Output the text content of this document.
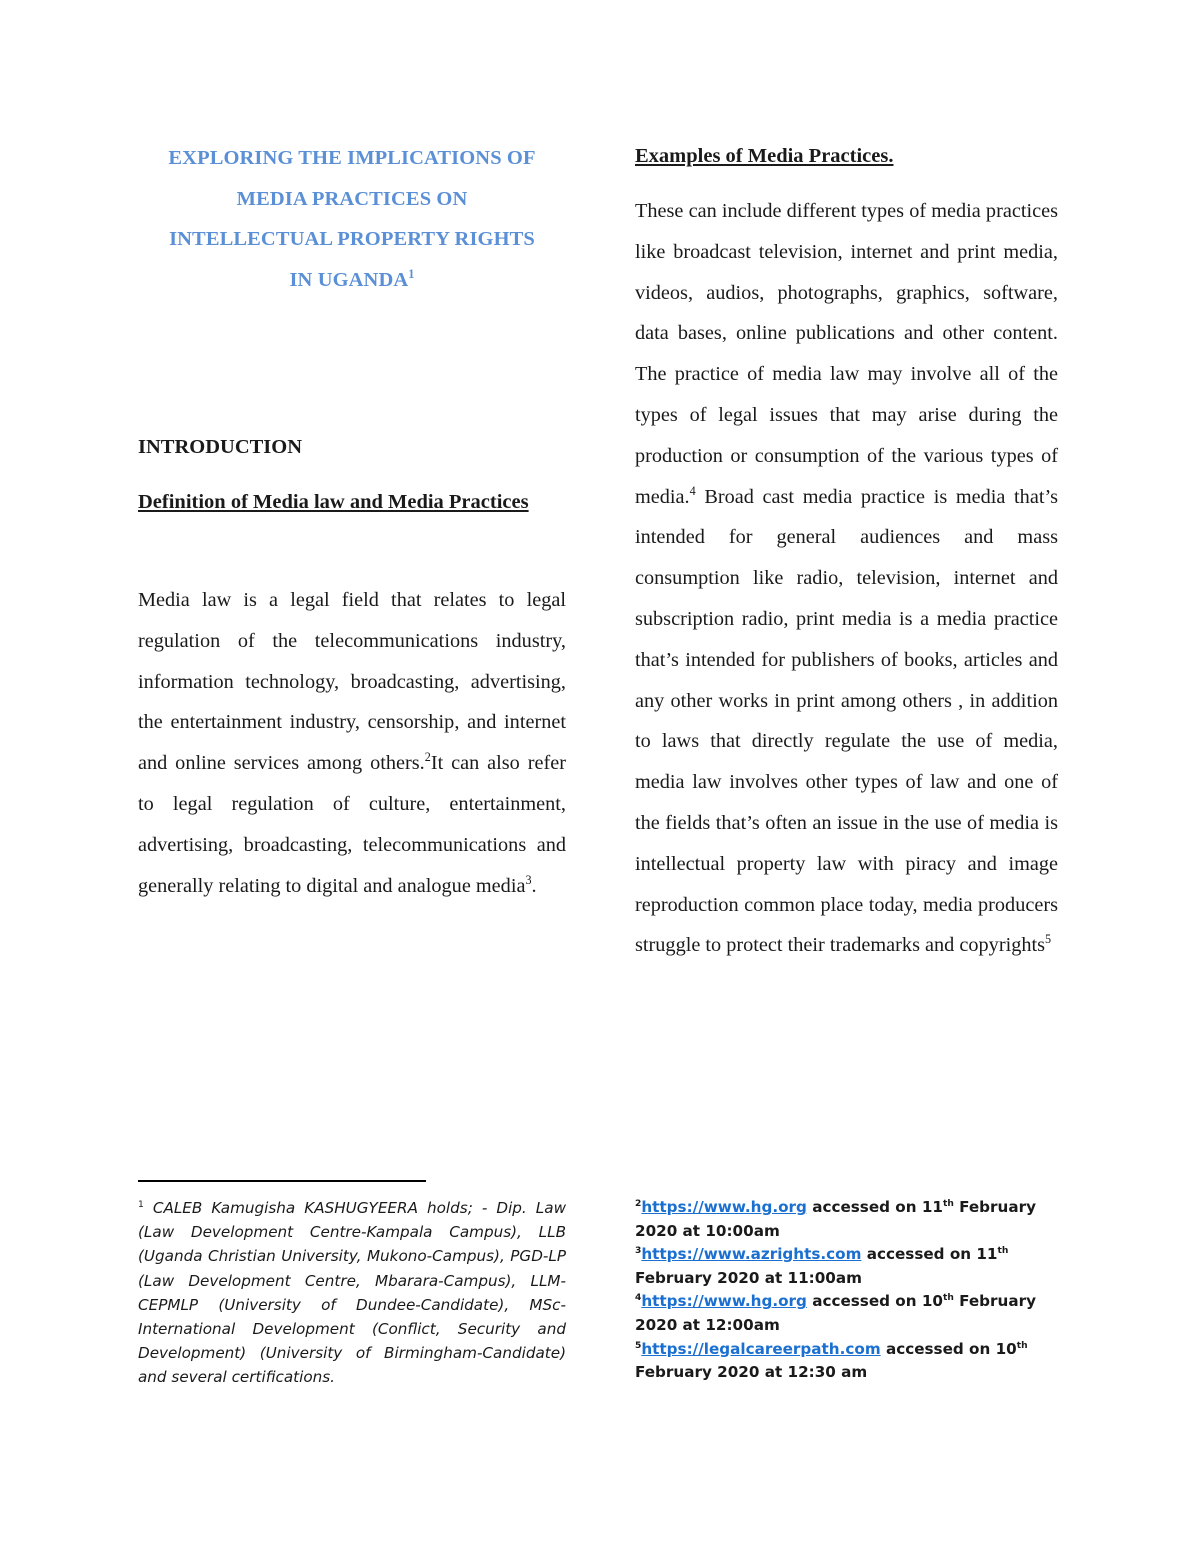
EXPLORING THE IMPLICATIONS OF

MEDIA PRACTICES ON

INTELLECTUAL PROPERTY RIGHTS

IN UGANDA$^1$

INTRODUCTION
Definition of Media law and Media Practices

Media law is a legal field that relates to legal regulation of the telecommunications industry, information technology, broadcasting, advertising, the entertainment industry, censorship, and internet and online services among others.$^2$It can also refer to legal regulation of culture, entertainment, advertising, broadcasting, telecommunications and generally relating to digital and analogue media$^3$.

Examples of Media Practices.

These can include different types of media practices like broadcast television, internet and print media, videos, audios, photographs, graphics, software, data bases, online publications and other content. The practice of media law may involve all of the types of legal issues that may arise during the production or consumption of the various types of media.$^4$ Broad cast media practice is media that’s intended for general audiences and mass consumption like radio, television, internet and subscription radio, print media is a media practice that’s intended for publishers of books, articles and any other works in print among others , in addition to laws that directly regulate the use of media, media law involves other types of law and one of the fields that’s often an issue in the use of media is intellectual property law with piracy and image reproduction common place today, media producers struggle to protect their trademarks and copyrights$^5$

$^1$ CALEB Kamugisha KASHUGYEERA holds; - Dip. Law (Law Development Centre-Kampala Campus), LLB (Uganda Christian University, Mukono-Campus), PGD-LP (Law Development Centre, Mbarara-Campus), LLM-CEPMLP (University of Dundee-Candidate), MSc-International Development (Conflict, Security and Development) (University of Birmingham-Candidate) and several certifications.

$^2$https://www.hg.org accessed on 11th February 2020 at 10:00am

$^3$https://www.azrights.com accessed on 11th February 2020 at 11:00am

$^4$https://www.hg.org accessed on 10th February 2020 at 12:00am

$^5$https://legalcareerpath.com accessed on 10th February 2020 at 12:30 am
